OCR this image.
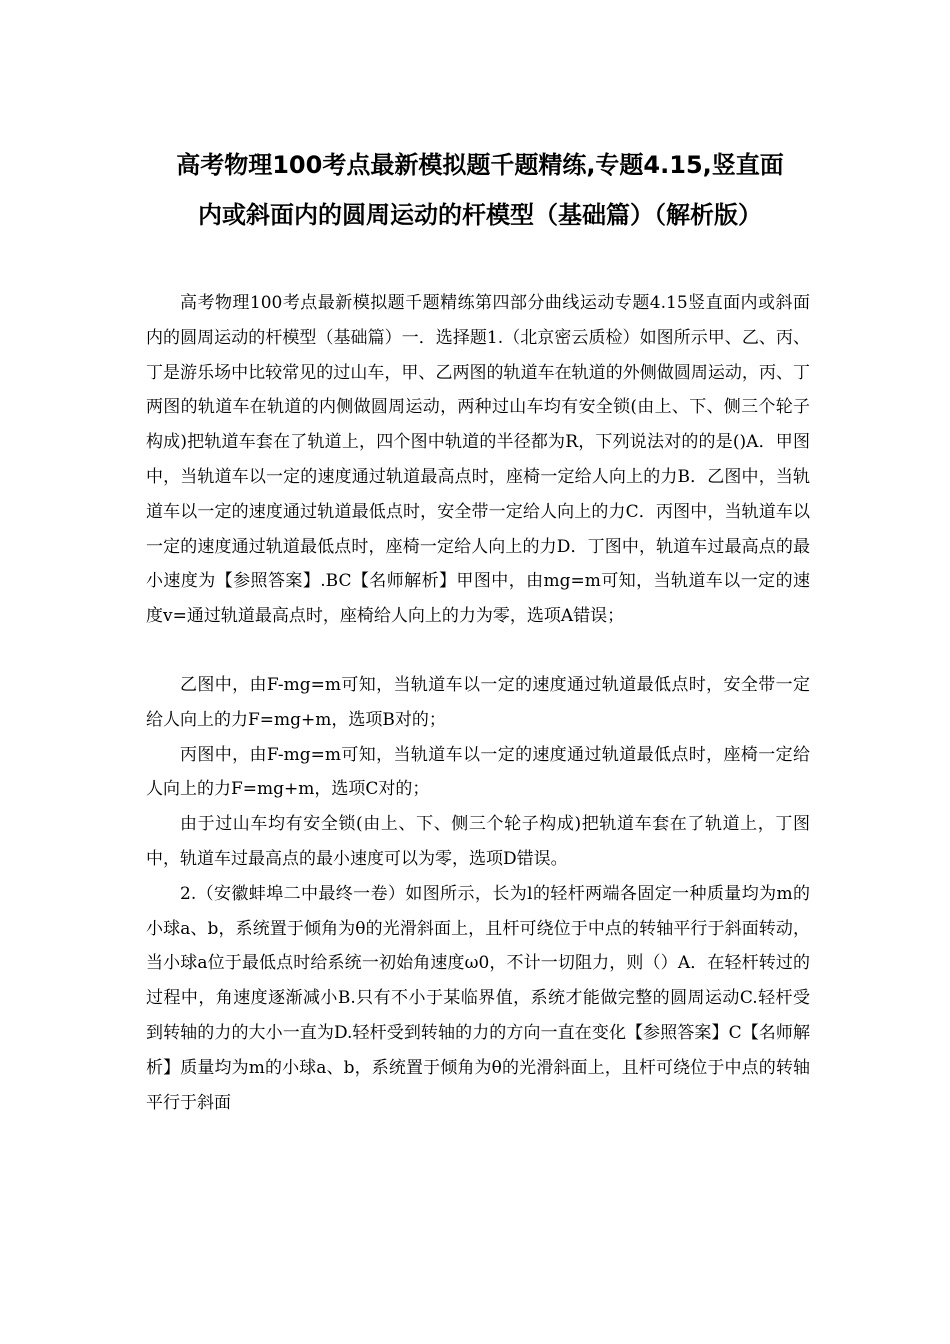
高考物理100考点最新模拟题千题精练,专题4.15,竖直面
内或斜面内的圆周运动的杆模型（基础篇）（解析版）

高考物理100考点最新模拟题千题精练第四部分曲线运动专题4.15竖直面内或斜面内的圆周运动的杆模型（基础篇）一．选择题1.（北京密云质检）如图所示甲、乙、丙、丁是游乐场中比较常见的过山车，甲、乙两图的轨道车在轨道的外侧做圆周运动，丙、丁两图的轨道车在轨道的内侧做圆周运动，两种过山车均有安全锁(由上、下、侧三个轮子构成)把轨道车套在了轨道上，四个图中轨道的半径都为R，下列说法对的的是()A．甲图中，当轨道车以一定的速度通过轨道最高点时，座椅一定给人向上的力B．乙图中，当轨道车以一定的速度通过轨道最低点时，安全带一定给人向上的力C．丙图中，当轨道车以一定的速度通过轨道最低点时，座椅一定给人向上的力D．丁图中，轨道车过最高点的最小速度为【参照答案】.BC【名师解析】甲图中，由mg=m可知，当轨道车以一定的速度v=通过轨道最高点时，座椅给人向上的力为零，选项A错误；

乙图中，由F-mg=m可知，当轨道车以一定的速度通过轨道最低点时，安全带一定给人向上的力F=mg+m，选项B对的；

丙图中，由F-mg=m可知，当轨道车以一定的速度通过轨道最低点时，座椅一定给人向上的力F=mg+m，选项C对的；

由于过山车均有安全锁(由上、下、侧三个轮子构成)把轨道车套在了轨道上，丁图中，轨道车过最高点的最小速度可以为零，选项D错误。

2.（安徽蚌埠二中最终一卷）如图所示，长为l的轻杆两端各固定一种质量均为m的小球a、b，系统置于倾角为θ的光滑斜面上，且杆可绕位于中点的转轴平行于斜面转动，当小球a位于最低点时给系统一初始角速度ω0，不计一切阻力，则（）A．在轻杆转过的过程中，角速度逐渐减小B.只有不小于某临界值，系统才能做完整的圆周运动C.轻杆受到转轴的力的大小一直为D.轻杆受到转轴的力的方向一直在变化【参照答案】C【名师解析】质量均为m的小球a、b，系统置于倾角为θ的光滑斜面上，且杆可绕位于中点的转轴平行于斜面
